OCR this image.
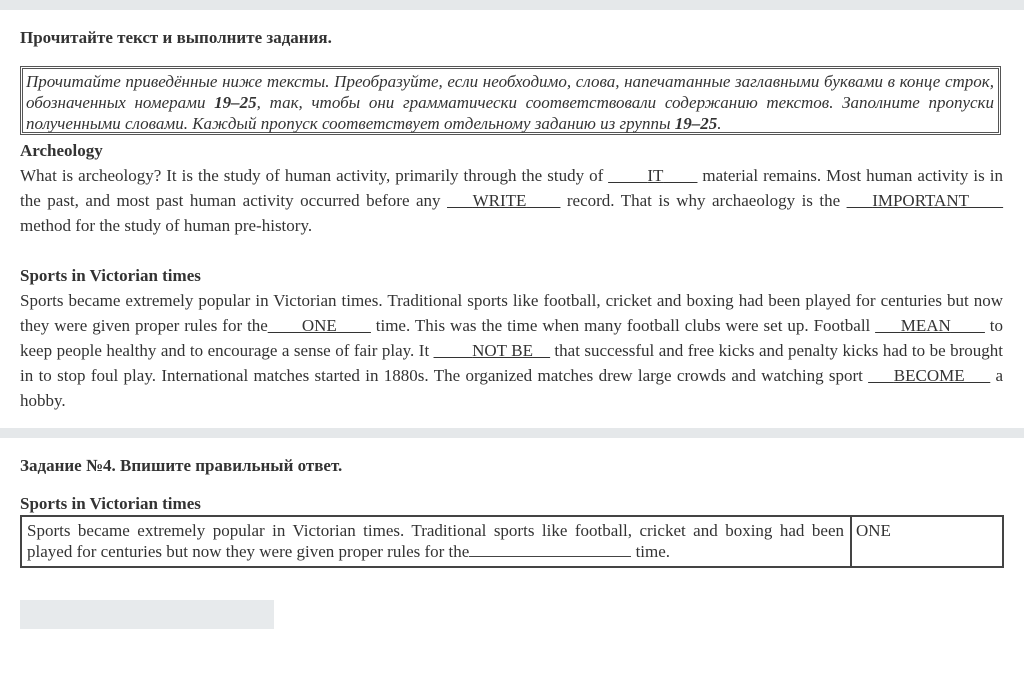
Прочитайте текст и выполните задания.
Прочитайте приведённые ниже тексты. Преобразуйте, если необходимо, слова, напечатанные заглавными буквами в конце строк, обозначенных номерами 19–25, так, чтобы они грамматически соответствовали содержанию текстов. Заполните пропуски полученными словами. Каждый пропуск соответствует отдельному заданию из группы 19–25.
Archeology
What is archeology? It is the study of human activity, primarily through the study of ____ IT____ material remains. Most human activity is in the past, and most past human activity occurred before any ___WRITE____ record. That is why archaeology is the ___IMPORTANT____ method for the study of human pre-history.
Sports in Victorian times
Sports became extremely popular in Victorian times. Traditional sports like football, cricket and boxing had been played for centuries but now they were given proper rules for the____ONE____ time. This was the time when many football clubs were set up. Football ___MEAN____ to keep people healthy and to encourage a sense of fair play. It ____ NOT BE__ that successful and free kicks and penalty kicks had to be brought in to stop foul play. International matches started in 1880s. The organized matches drew large crowds and watching sport ___BECOME___ a hobby.
Задание №4. Впишите правильный ответ.
Sports in Victorian times
Sports became extremely popular in Victorian times. Traditional sports like football, cricket and boxing had been played for centuries but now they were given proper rules for the	time.
ONE
